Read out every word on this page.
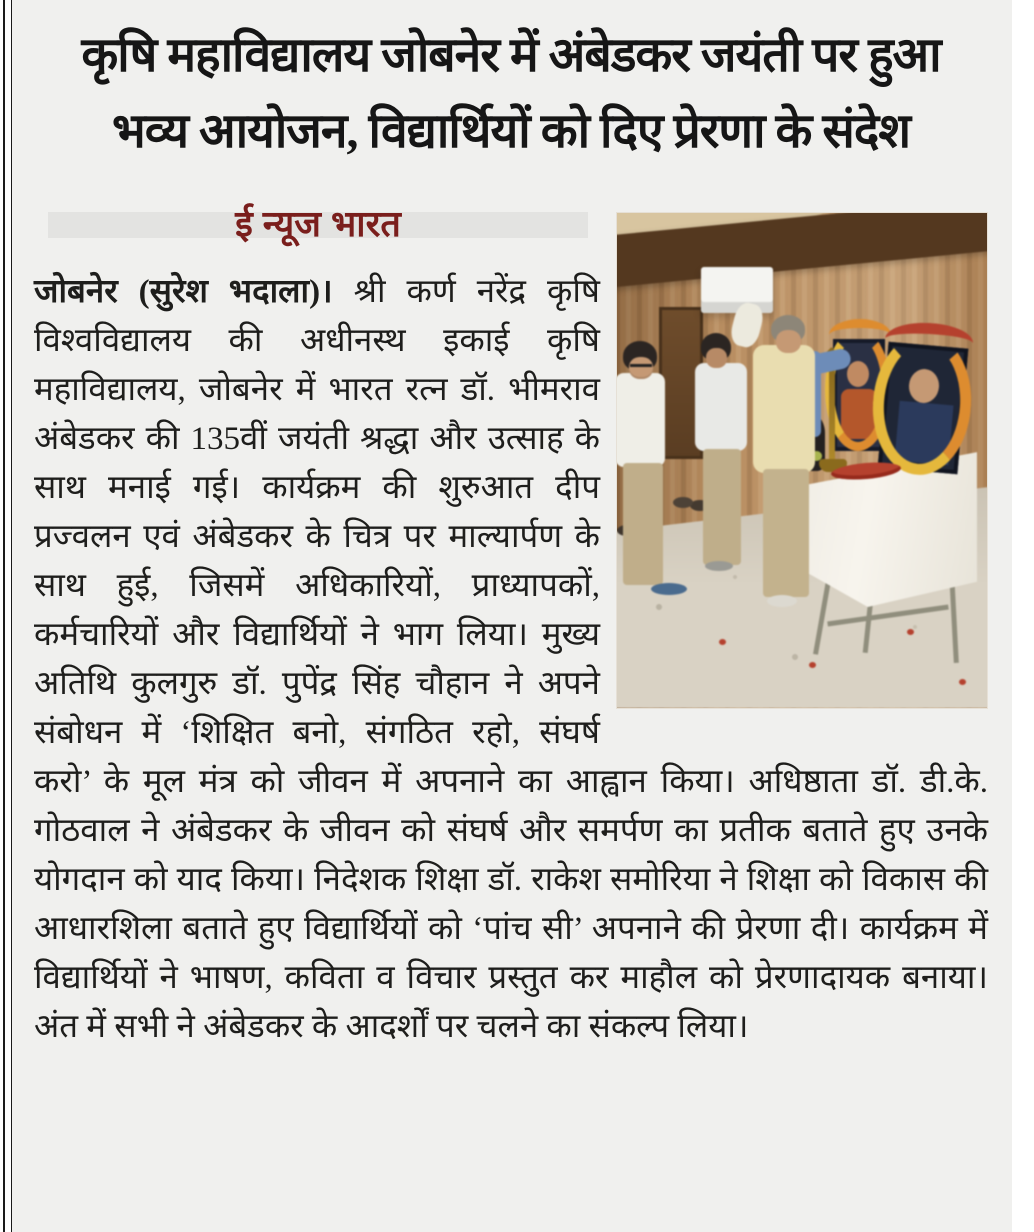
कृषि महाविद्यालय जोबनेर में अंबेडकर जयंती पर हुआ भव्य आयोजन, विद्यार्थियों को दिए प्रेरणा के संदेश
ई न्यूज भारत

जोबनेर (सुरेश भदाला)। श्री कर्ण नरेंद्र कृषि विश्वविद्यालय की अधीनस्थ इकाई कृषि महाविद्यालय, जोबनेर में भारत रत्न डॉ. भीमराव अंबेडकर की 135वीं जयंती श्रद्धा और उत्साह के साथ मनाई गई। कार्यक्रम की शुरुआत दीप प्रज्वलन एवं अंबेडकर के चित्र पर माल्यार्पण के साथ हुई, जिसमें अधिकारियों, प्राध्यापकों, कर्मचारियों और विद्यार्थियों ने भाग लिया। मुख्य अतिथि कुलगुरु डॉ. पुपेंद्र सिंह चौहान ने अपने संबोधन में ‘शिक्षित बनो, संगठित रहो, संघर्ष करो’ के मूल मंत्र को जीवन में अपनाने का आह्वान किया। अधिष्ठाता डॉ. डी.के. गोठवाल ने अंबेडकर के जीवन को संघर्ष और समर्पण का प्रतीक बताते हुए उनके योगदान को याद किया। निदेशक शिक्षा डॉ. राकेश समोरिया ने शिक्षा को विकास की आधारशिला बताते हुए विद्यार्थियों को ‘पांच सी’ अपनाने की प्रेरणा दी। कार्यक्रम में विद्यार्थियों ने भाषण, कविता व विचार प्रस्तुत कर माहौल को प्रेरणादायक बनाया। अंत में सभी ने अंबेडकर के आदर्शों पर चलने का संकल्प लिया।
